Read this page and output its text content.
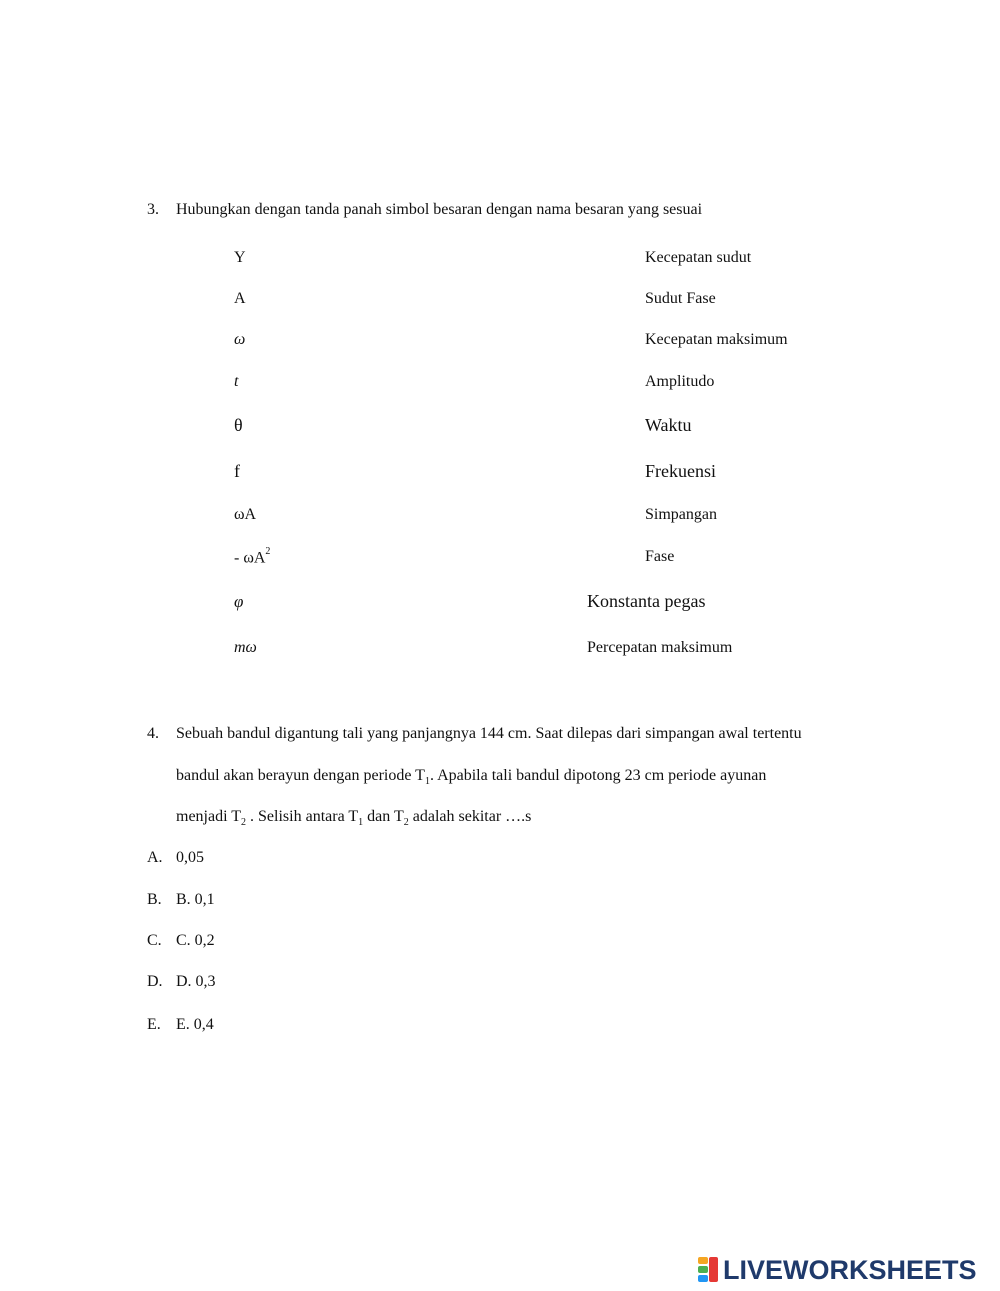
3. Hubungkan dengan tanda panah simbol besaran dengan nama besaran yang sesuai
Y
A
ω
t
θ
f
ωA
- $\omega A^2$
φ
mω
Kecepatan sudut
Sudut Fase
Kecepatan maksimum
Amplitudo
Waktu
Frekuensi
Simpangan
Fase
Konstanta pegas
Percepatan maksimum
4. Sebuah bandul digantung tali yang panjangnya 144 cm. Saat dilepas dari simpangan awal tertentu
bandul akan berayun dengan periode $T_1$. Apabila tali bandul dipotong 23 cm periode ayunan
menjadi $T_2$ . Selisih antara $T_1$ dan $T_2$ adalah sekitar ….s
A. 0,05
B. B. 0,1
C. C. 0,2
D. D. 0,3
E. E. 0,4
LIVEWORKSHEETS
